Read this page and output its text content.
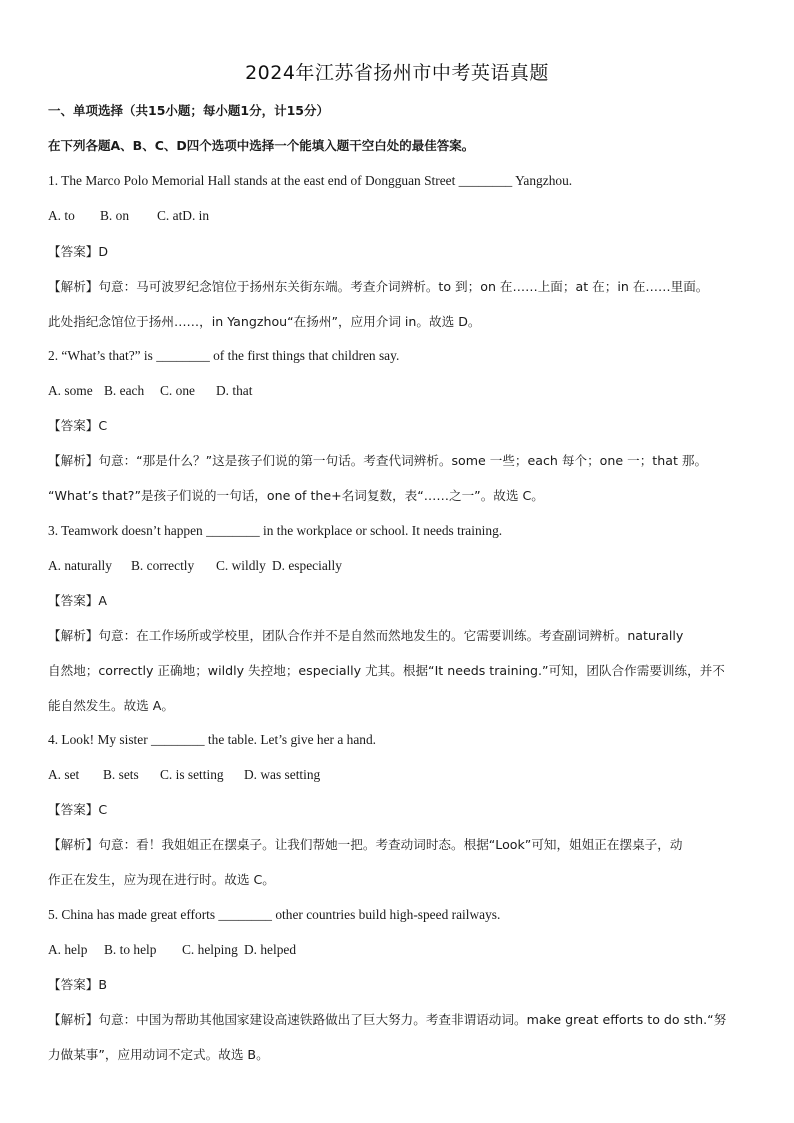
2024年江苏省扬州市中考英语真题
一、单项选择（共15小题；每小题1分，计15分）
在下列各题A、B、C、D四个选项中选择一个能填入题干空白处的最佳答案。
1. The Marco Polo Memorial Hall stands at the east end of Dongguan Street ________ Yangzhou.
A. to B. on C. atD. in
【答案】D
【解析】句意：马可波罗纪念馆位于扬州东关街东端。考查介词辨析。to 到；on 在……上面；at 在；in 在……里面。
此处指纪念馆位于扬州……，in Yangzhou“在扬州”，应用介词 in。故选 D。
2. “What’s that?” is ________ of the first things that children say.
A. some B. each C. one D. that
【答案】C
【解析】句意：“那是什么？”这是孩子们说的第一句话。考查代词辨析。some 一些；each 每个；one 一；that 那。
“What’s that?”是孩子们说的一句话，one of the+名词复数，表“……之一”。故选 C。
3. Teamwork doesn’t happen ________ in the workplace or school. It needs training.
A. naturally B. correctly C. wildly D. especially
【答案】A
【解析】句意：在工作场所或学校里，团队合作并不是自然而然地发生的。它需要训练。考查副词辨析。naturally
自然地；correctly 正确地；wildly 失控地；especially 尤其。根据“It needs training.”可知，团队合作需要训练，并不
能自然发生。故选 A。
4. Look! My sister ________ the table. Let’s give her a hand.
A. set B. sets C. is setting D. was setting
【答案】C
【解析】句意：看！我姐姐正在摆桌子。让我们帮她一把。考查动词时态。根据“Look”可知，姐姐正在摆桌子，动
作正在发生，应为现在进行时。故选 C。
5. China has made great efforts ________ other countries build high-speed railways.
A. help B. to help C. helping D. helped
【答案】B
【解析】句意：中国为帮助其他国家建设高速铁路做出了巨大努力。考查非谓语动词。make great efforts to do sth.“努
力做某事”，应用动词不定式。故选 B。
